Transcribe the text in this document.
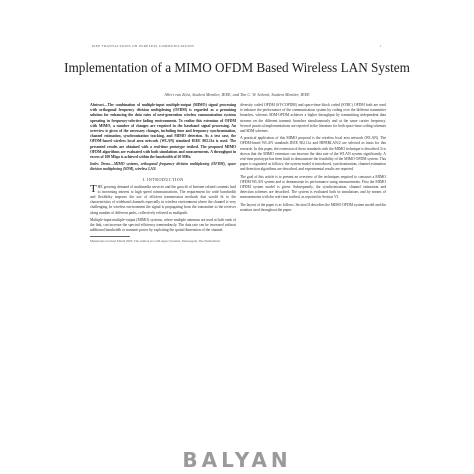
IEEE TRANSACTIONS ON WIRELESS COMMUNICATIONS	1
Implementation of a MIMO OFDM Based Wireless LAN System
Allert van Zelst, Student Member, IEEE, and Tim C. W. Schenk, Student Member, IEEE

Abstract—The combination of multiple-input multiple-output (MIMO) signal processing with orthogonal frequency division multiplexing (OFDM) is regarded as a promising solution for enhancing the data rates of next-generation wireless communication systems operating in frequency-selective fading environments. To realize this extension of OFDM with MIMO, a number of changes are required in the baseband signal processing. An overview is given of the necessary changes, including time and frequency synchronization, channel estimation, synchronization tracking, and MIMO detection. As a test case, the OFDM-based wireless local area network (WLAN) standard IEEE 802.11a is used. The presented results are obtained with a real-time prototype testbed. The proposed MIMO OFDM algorithms are evaluated with both simulations and measurements. A throughput in excess of 100 Mbps is achieved within the bandwidth of 20 MHz.

Index Terms—MIMO systems, orthogonal frequency division multiplexing (OFDM), space division multiplexing (SDM), wireless LAN.

I. INTRODUCTION

THE growing demand of multimedia services and the growth of Internet related contents lead to increasing interest to high speed communications. The requirement for wide bandwidth and flexibility imposes the use of efficient transmission methods that would fit to the characteristics of wideband channels especially in wireless environment where the channel is very challenging. In wireless environment the signal is propagating from the transmitter to the receiver along number of different paths, collectively referred as multipath.

Multiple-input multiple-output (MIMO) systems, where multiple antennas are used at both ends of the link, can increase the spectral efficiency tremendously. The data rate can be increased without additional bandwidth or transmit power by exploiting the spatial dimension of the channel.

Manuscript received March 2003. The authors are with Agere Systems, Nieuwegein, The Netherlands.

diversity coded OFDM (ST-COFDM) and space-time block coded (STBC) OFDM both are used to enhance the performance of the communication system by coding over the different transmitter branches, whereas SDM-OFDM achieves a higher throughput by transmitting independent data streams on the different transmit branches simultaneously and at the same carrier frequency. Several practical implementations are reported in the literature for both space-time coding schemes and SDM schemes.

A practical application of this MIMO proposal is the wireless local area network (WLAN). The OFDM-based WLAN standards IEEE 802.11a and HIPERLAN/2 are selected as basis for this research. In this paper, the extension of these standards with the MIMO technique is described. It is shown that the MIMO extension can increase the data rate of the WLAN system significantly. A real-time prototype has been built to demonstrate the feasibility of the MIMO OFDM system. This paper is organized as follows: the system model is introduced, synchronization, channel estimation and detection algorithms are described, and experimental results are reported.

The goal of this article is to present an overview of the techniques required to construct a MIMO OFDM WLAN system and to demonstrate its performance using measurements. First the MIMO OFDM system model is given. Subsequently, the synchronization, channel estimation and detection schemes are described. The system is evaluated both in simulations and by means of measurements with the real-time testbed, as reported in Section VI.

The layout of the paper is as follows. Section II describes the MIMO OFDM system model and the notation used throughout the paper.

BALYAN
